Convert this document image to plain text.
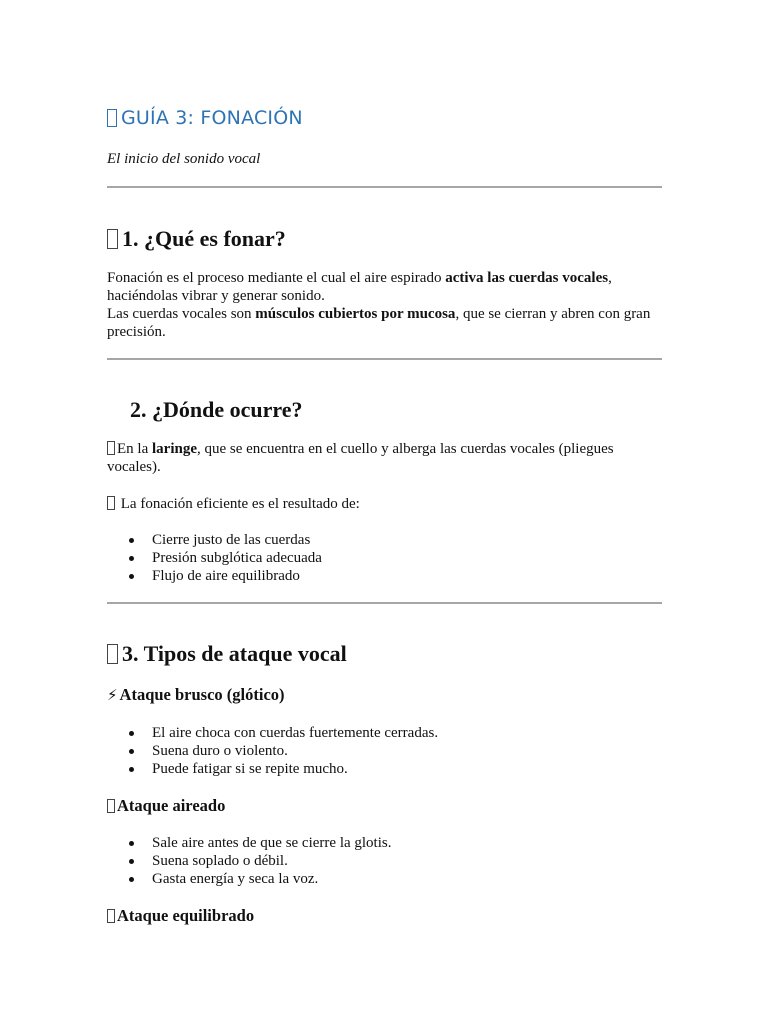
GUÍA 3: FONACIÓN
El inicio del sonido vocal
1. ¿Qué es fonar?

Fonación es el proceso mediante el cual el aire espirado activa las cuerdas vocales, haciéndolas vibrar y generar sonido.

Las cuerdas vocales son músculos cubiertos por mucosa, que se cierran y abren con gran precisión.

2. ¿Dónde ocurre?

En la laringe, que se encuentra en el cuello y alberga las cuerdas vocales (pliegues vocales).

La fonación eficiente es el resultado de:

Cierre justo de las cuerdas
Presión subglótica adecuada
Flujo de aire equilibrado
3. Tipos de ataque vocal
⚡ Ataque brusco (glótico)
El aire choca con cuerdas fuertemente cerradas.
Suena duro o violento.
Puede fatigar si se repite mucho.
Ataque aireado
Sale aire antes de que se cierre la glotis.
Suena soplado o débil.
Gasta energía y seca la voz.
Ataque equilibrado
